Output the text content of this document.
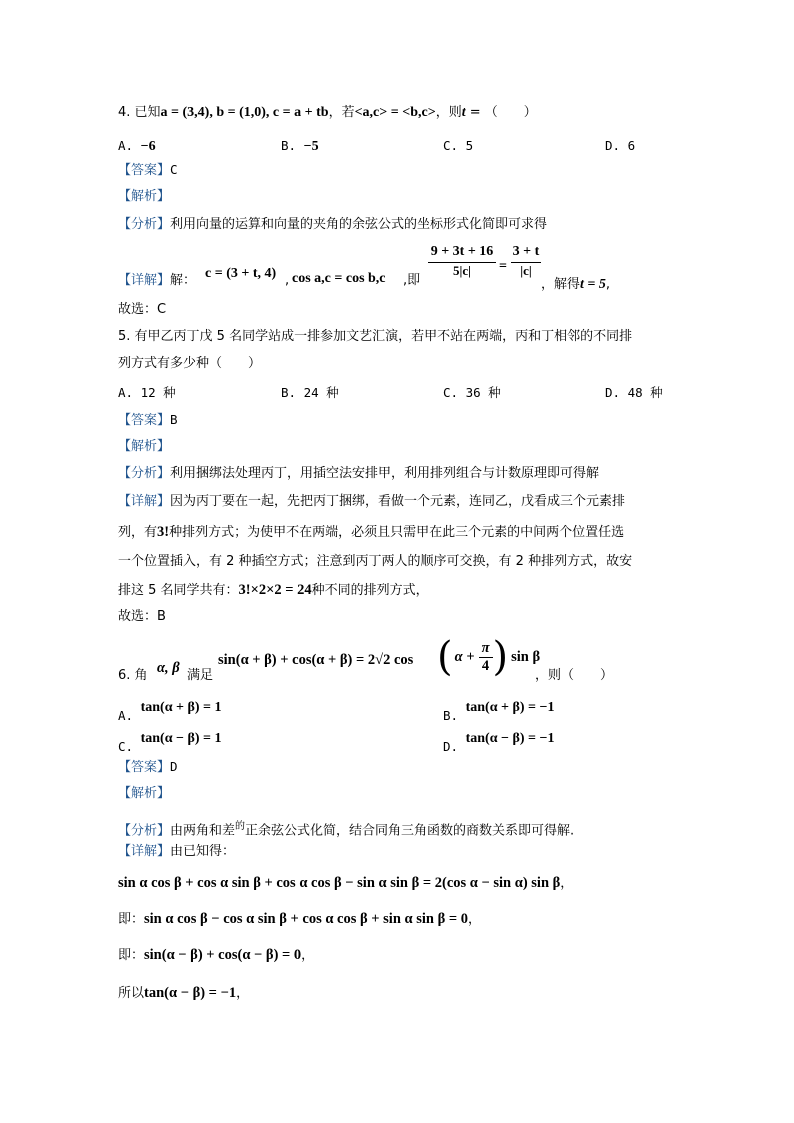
4. 已知a = (3,4), b = (1,0), c = a + tb，若<a,c> = <b,c>，则t = （　　）
A. −6	B. −5	C. 5	D. 6
【答案】C
【解析】
【分析】利用向量的运算和向量的夹角的余弦公式的坐标形式化简即可求得
【详解】解： c = (3 + t, 4) , cos a,c = cos b,c ,即
9 + 3t + 16
5|c|	=
3 + t
|c|
，解得t = 5,
故选：C
5. 有甲乙丙丁戊 5 名同学站成一排参加文艺汇演，若甲不站在两端，丙和丁相邻的不同排
列方式有多少种（　　）
A. 12 种	B. 24 种	C. 36 种	D. 48 种
【答案】B
【解析】
【分析】利用捆绑法处理丙丁，用插空法安排甲，利用排列组合与计数原理即可得解
【详解】因为丙丁要在一起，先把丙丁捆绑，看做一个元素，连同乙，戊看成三个元素排
列，有3!种排列方式；为使甲不在两端，必须且只需甲在此三个元素的中间两个位置任选
一个位置插入，有 2 种插空方式；注意到丙丁两人的顺序可交换，有 2 种排列方式，故安
排这 5 名同学共有：3!×2×2 = 24种不同的排列方式，
故选：B
6. 角 α, β 满足
sin(α + β) + cos(α + β) = 2√2 cos ( α +
π
4 ) sin β
，则（　　）
A. tan(α + β) = 1
B. tan(α + β) = −1
C. tan(α − β) = 1
D. tan(α − β) = −1
【答案】D
【解析】
【分析】由两角和差$^的$正余弦公式化简，结合同角三角函数的商数关系即可得解.
【详解】由已知得：
sin α cos β + cos α sin β + cos α cos β − sin α sin β = 2(cos α − sin α) sin β，
即：sin α cos β − cos α sin β + cos α cos β + sin α sin β = 0，
即：sin(α − β) + cos(α − β) = 0，
所以tan(α − β) = −1，
